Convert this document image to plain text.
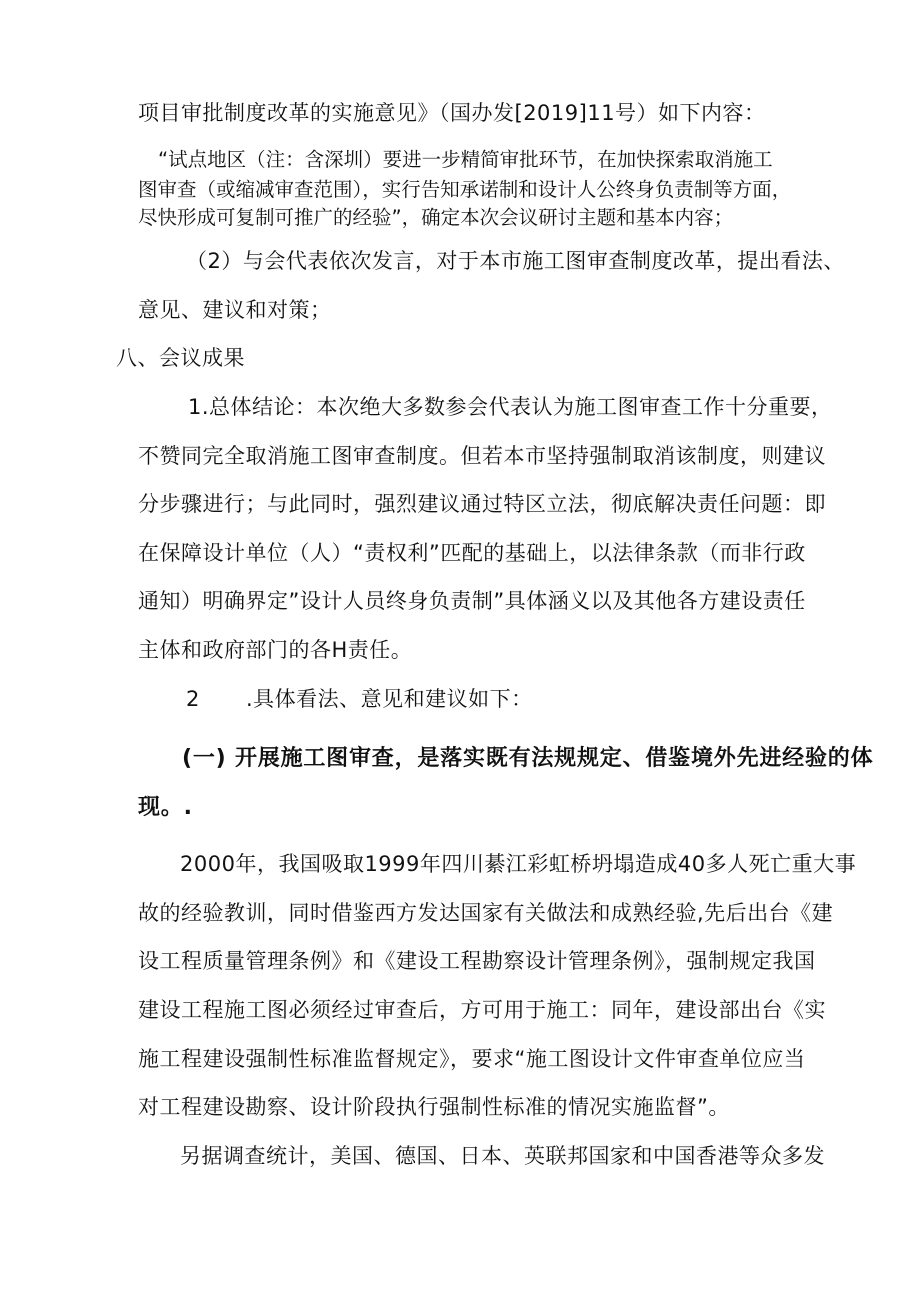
项目审批制度改革的实施意见》（国办发[2019]11号）如下内容：
“试点地区（注：含深圳）要进一步精简审批环节，在加快探索取消施工
图审查（或缩减审查范围），实行告知承诺制和设计人公终身负责制等方面，
尽快形成可复制可推广的经验”，确定本次会议研讨主题和基本内容；
（2）与会代表依次发言，对于本市施工图审查制度改革，提出看法、
意见、建议和对策；
八、会议成果
1.总体结论：本次绝大多数参会代表认为施工图审查工作十分重要，
不赞同完全取消施工图审查制度。但若本市坚持强制取消该制度，则建议
分步骤进行；与此同时，强烈建议通过特区立法，彻底解决责任问题：即
在保障设计单位（人）“责权利”匹配的基础上，以法律条款（而非行政
通知）明确界定”设计人员终身负责制”具体涵义以及其他各方建设责任
主体和政府部门的各H责任。
2 .具体看法、意见和建议如下：
(一) 开展施工图审查，是落实既有法规规定、借鉴境外先进经验的体
现。.
2000年，我国吸取1999年四川綦江彩虹桥坍塌造成40多人死亡重大事
故的经验教训，同时借鉴西方发达国家有关做法和成熟经验,先后出台《建
设工程质量管理条例》和《建设工程勘察设计管理条例》，强制规定我国
建设工程施工图必须经过审查后，方可用于施工：同年，建设部出台《实
施工程建设强制性标准监督规定》，要求“施工图设计文件审查单位应当
对工程建设勘察、设计阶段执行强制性标准的情况实施监督”。
另据调查统计，美国、德国、日本、英联邦国家和中国香港等众多发
